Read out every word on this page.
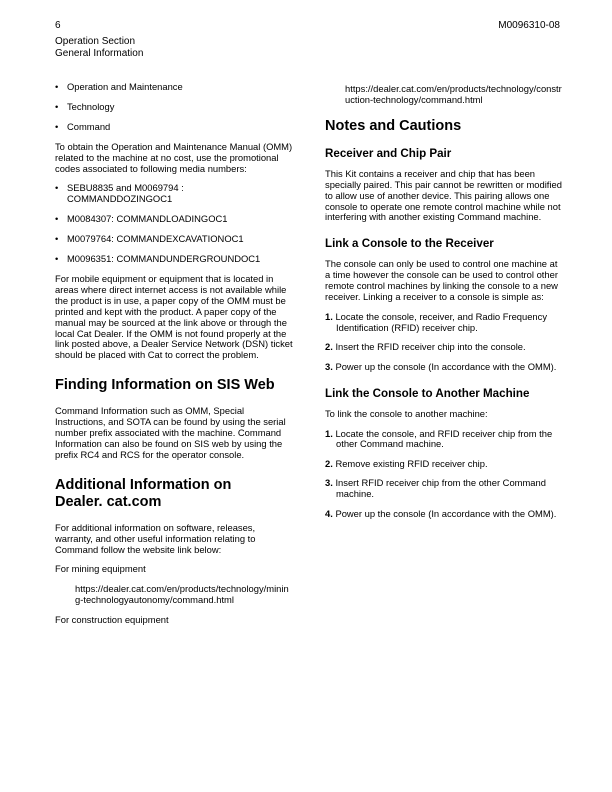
6	M0096310-08
Operation Section
General Information
• Operation and Maintenance
• Technology
• Command

To obtain the Operation and Maintenance Manual (OMM) related to the machine at no cost, use the promotional codes associated to following media numbers:

• SEBU8835 and M0069794 : COMMANDDOZINGOC1
• M0084307: COMMANDLOADINGOC1
• M0079764: COMMANDEXCAVATIONOC1
• M0096351: COMMANDUNDERGROUNDOC1

For mobile equipment or equipment that is located in areas where direct internet access is not available while the product is in use, a paper copy of the OMM must be printed and kept with the product. A paper copy of the manual may be sourced at the link above or through the local Cat Dealer. If the OMM is not found properly at the link posted above, a Dealer Service Network (DSN) ticket should be placed with Cat to correct the problem.

Finding Information on SIS Web

Command Information such as OMM, Special Instructions, and SOTA can be found by using the serial number prefix associated with the machine. Command Information can also be found on SIS web by using the prefix RC4 and RCS for the operator console.

Additional Information on Dealer. cat.com

For additional information on software, releases, warranty, and other useful information relating to Command follow the website link below:

For mining equipment

https://dealer.cat.com/en/products/technology/mining-technologyautonomy/command.html

For construction equipment

https://dealer.cat.com/en/products/technology/construction-technology/command.html

Notes and Cautions
Receiver and Chip Pair

This Kit contains a receiver and chip that has been specially paired. This pair cannot be rewritten or modified to allow use of another device. This pairing allows one console to operate one remote control machine while not interfering with another existing Command machine.

Link a Console to the Receiver

The console can only be used to control one machine at a time however the console can be used to control other remote control machines by linking the console to a new receiver. Linking a receiver to a console is simple as:

1. Locate the console, receiver, and Radio Frequency Identification (RFID) receiver chip.
2. Insert the RFID receiver chip into the console.
3. Power up the console (In accordance with the OMM).
Link the Console to Another Machine

To link the console to another machine:

1. Locate the console, and RFID receiver chip from the other Command machine.
2. Remove existing RFID receiver chip.
3. Insert RFID receiver chip from the other Command machine.
4. Power up the console (In accordance with the OMM).
